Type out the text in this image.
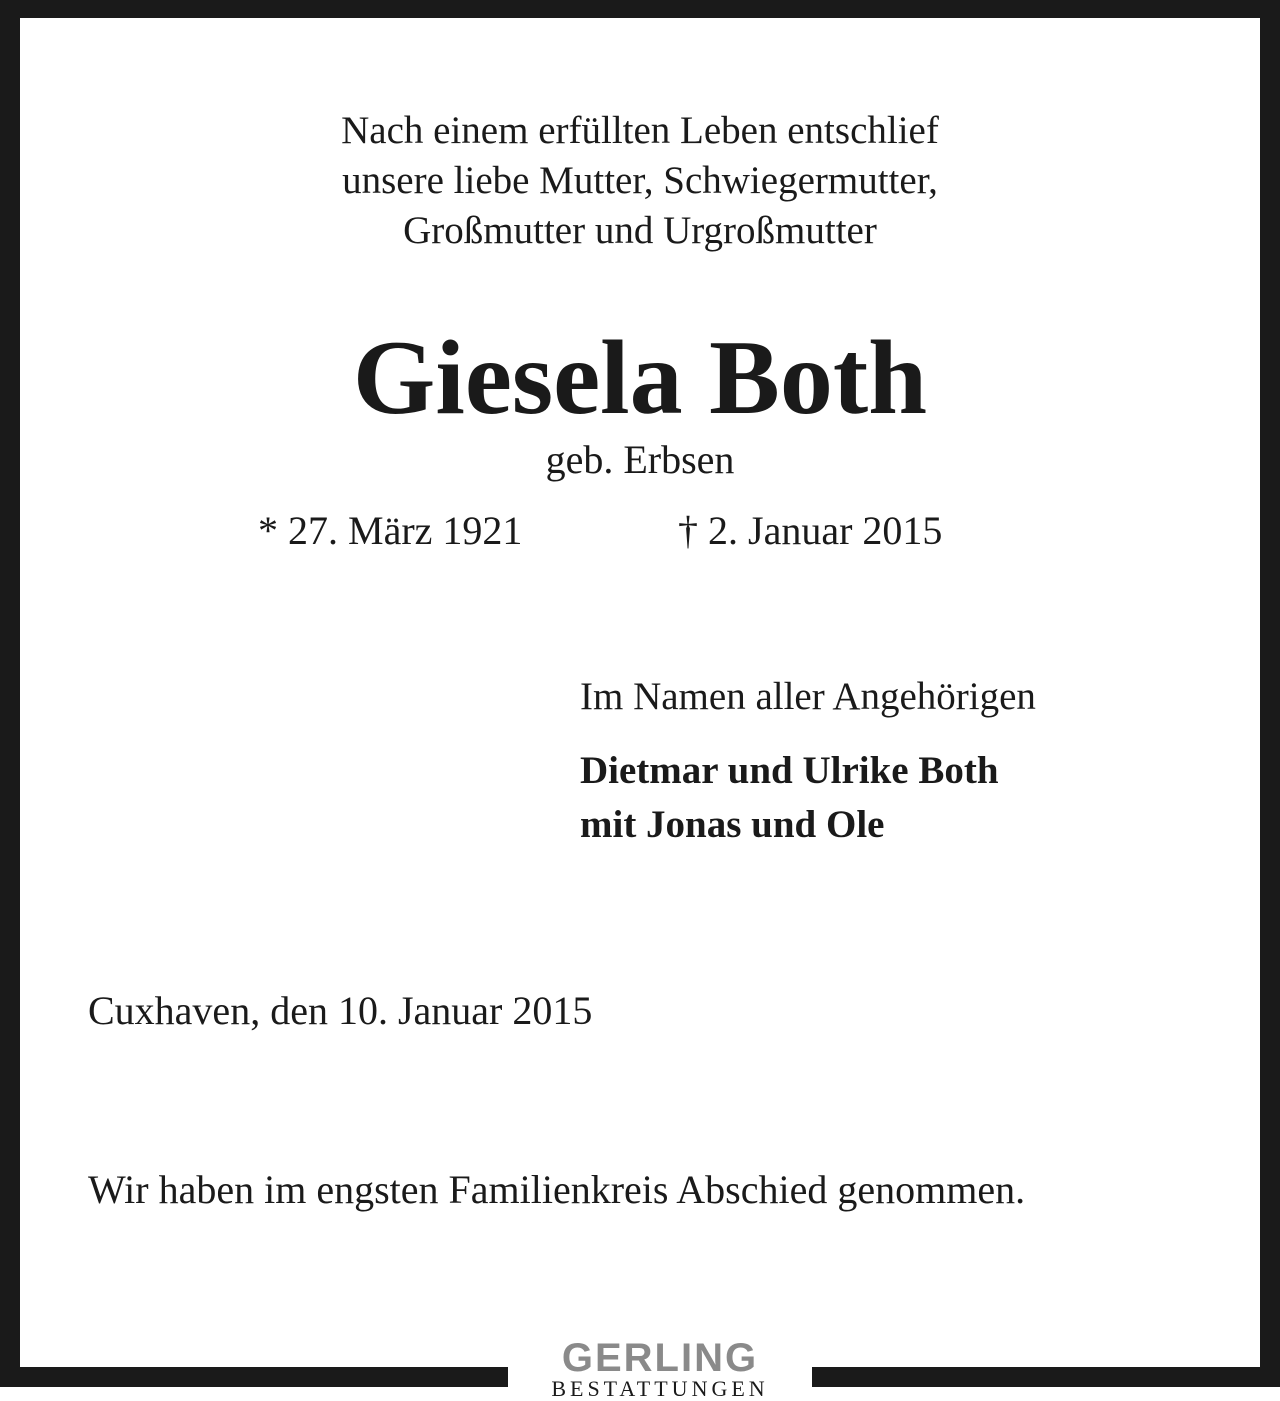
Nach einem erfüllten Leben entschlief
unsere liebe Mutter, Schwiegermutter,
Großmutter und Urgroßmutter
Giesela Both
geb. Erbsen
* 27. März 1921	† 2. Januar 2015
Im Namen aller Angehörigen
Dietmar und Ulrike Both
mit Jonas und Ole
Cuxhaven, den 10. Januar 2015
Wir haben im engsten Familienkreis Abschied genommen.
GERLING
BESTATTUNGEN
